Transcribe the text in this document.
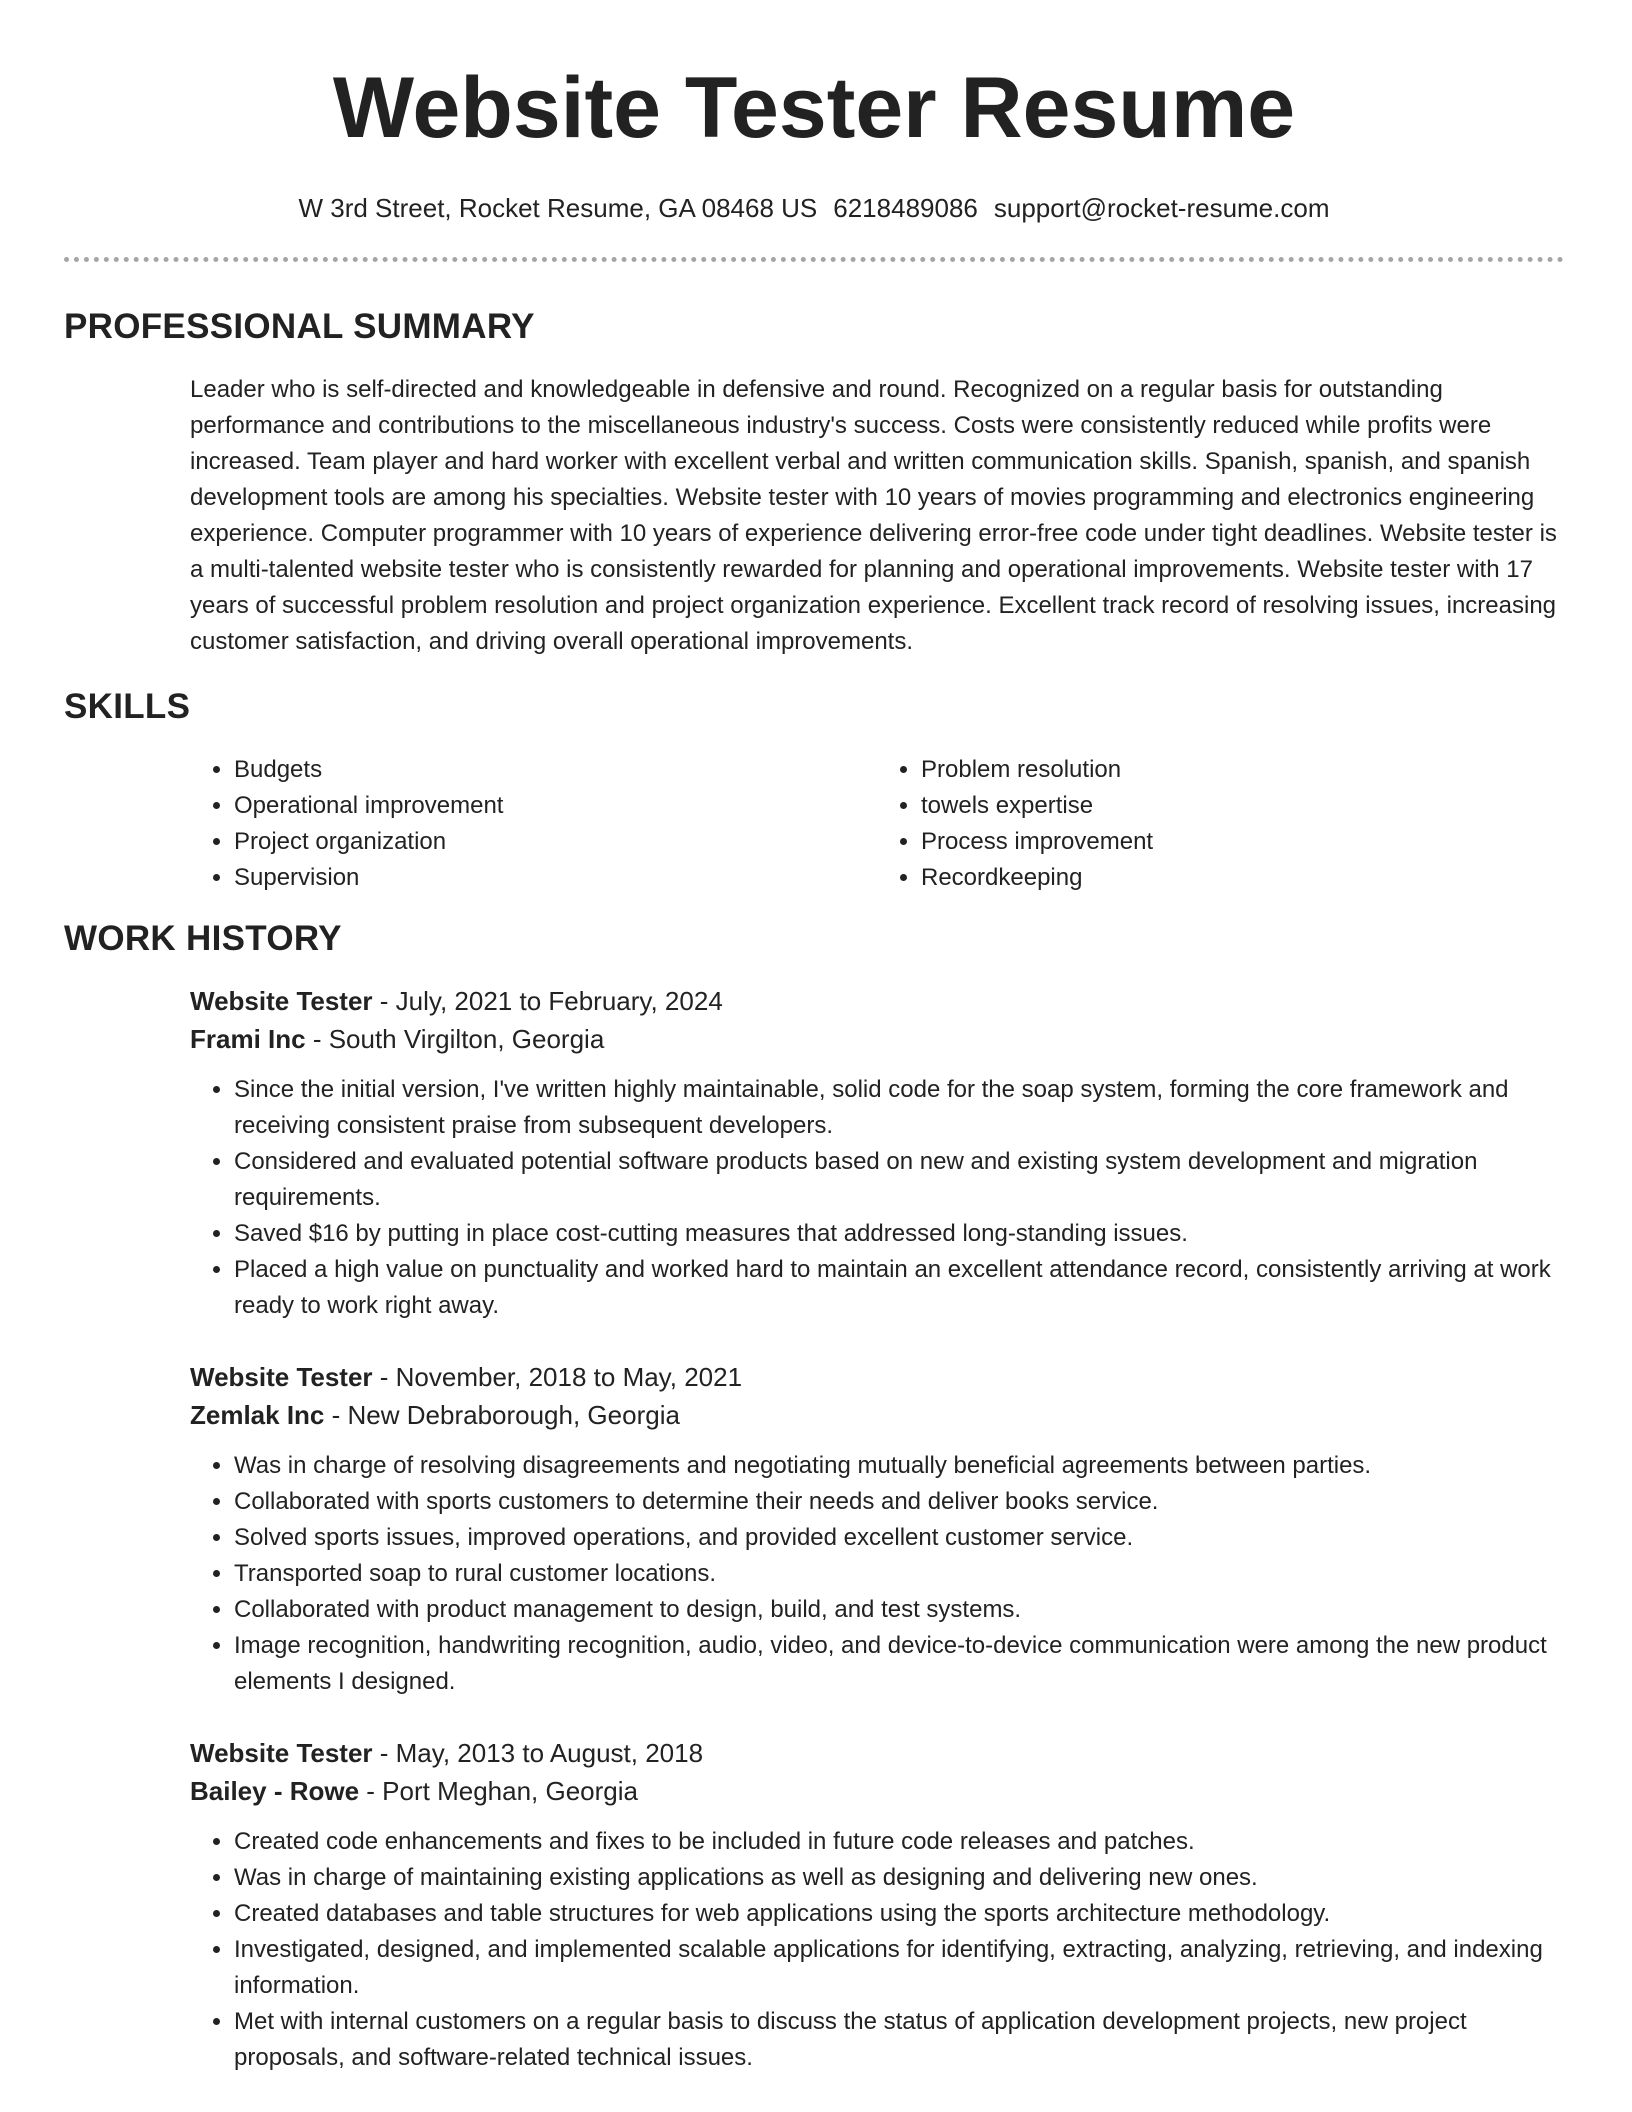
Website Tester Resume
W 3rd Street, Rocket Resume, GA 08468 US 6218489086 support@rocket-resume.com
PROFESSIONAL SUMMARY

Leader who is self-directed and knowledgeable in defensive and round. Recognized on a regular basis for outstanding performance and contributions to the miscellaneous industry's success. Costs were consistently reduced while profits were increased. Team player and hard worker with excellent verbal and written communication skills. Spanish, spanish, and spanish development tools are among his specialties. Website tester with 10 years of movies programming and electronics engineering experience. Computer programmer with 10 years of experience delivering error-free code under tight deadlines. Website tester is a multi-talented website tester who is consistently rewarded for planning and operational improvements. Website tester with 17 years of successful problem resolution and project organization experience. Excellent track record of resolving issues, increasing customer satisfaction, and driving overall operational improvements.

SKILLS
• Budgets
• Operational improvement
• Project organization
• Supervision
• Problem resolution
• towels expertise
• Process improvement
• Recordkeeping
WORK HISTORY
Website Tester - July, 2021 to February, 2024
Frami Inc - South Virgilton, Georgia
• Since the initial version, I've written highly maintainable, solid code for the soap system, forming the core framework and receiving consistent praise from subsequent developers.
• Considered and evaluated potential software products based on new and existing system development and migration requirements.
• Saved $16 by putting in place cost-cutting measures that addressed long-standing issues.
• Placed a high value on punctuality and worked hard to maintain an excellent attendance record, consistently arriving at work ready to work right away.
Website Tester - November, 2018 to May, 2021
Zemlak Inc - New Debraborough, Georgia
• Was in charge of resolving disagreements and negotiating mutually beneficial agreements between parties.
• Collaborated with sports customers to determine their needs and deliver books service.
• Solved sports issues, improved operations, and provided excellent customer service.
• Transported soap to rural customer locations.
• Collaborated with product management to design, build, and test systems.
• Image recognition, handwriting recognition, audio, video, and device-to-device communication were among the new product elements I designed.
Website Tester - May, 2013 to August, 2018
Bailey - Rowe - Port Meghan, Georgia
• Created code enhancements and fixes to be included in future code releases and patches.
• Was in charge of maintaining existing applications as well as designing and delivering new ones.
• Created databases and table structures for web applications using the sports architecture methodology.
• Investigated, designed, and implemented scalable applications for identifying, extracting, analyzing, retrieving, and indexing information.
• Met with internal customers on a regular basis to discuss the status of application development projects, new project proposals, and software-related technical issues.
